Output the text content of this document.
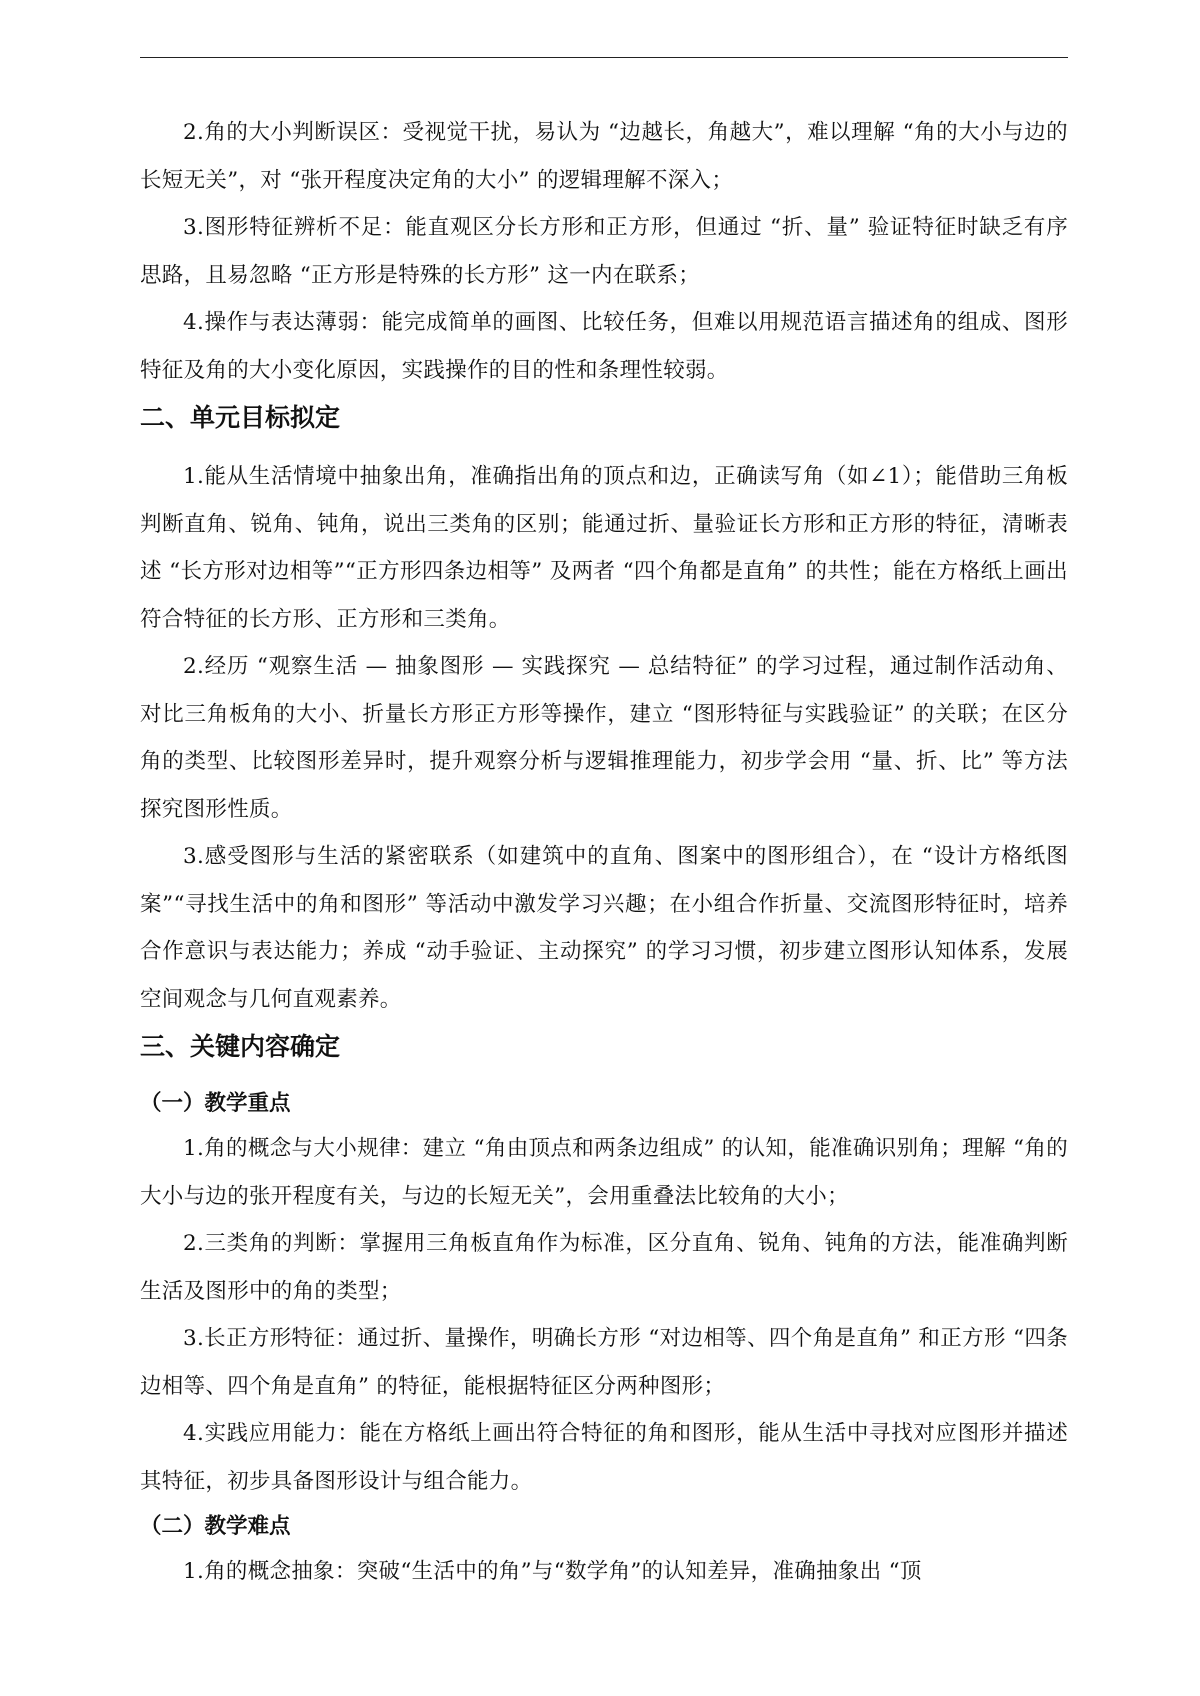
2.角的大小判断误区：受视觉干扰，易认为 “边越长，角越大”，难以理解 “角的大小与边的长短无关”，对 “张开程度决定角的大小” 的逻辑理解不深入；

3.图形特征辨析不足：能直观区分长方形和正方形，但通过 “折、量” 验证特征时缺乏有序思路，且易忽略 “正方形是特殊的长方形” 这一内在联系；

4.操作与表达薄弱：能完成简单的画图、比较任务，但难以用规范语言描述角的组成、图形特征及角的大小变化原因，实践操作的目的性和条理性较弱。

二、单元目标拟定

1.能从生活情境中抽象出角，准确指出角的顶点和边，正确读写角（如∠1）；能借助三角板判断直角、锐角、钝角，说出三类角的区别；能通过折、量验证长方形和正方形的特征，清晰表述 “长方形对边相等”“正方形四条边相等” 及两者 “四个角都是直角” 的共性；能在方格纸上画出符合特征的长方形、正方形和三类角。

2.经历 “观察生活 — 抽象图形 — 实践探究 — 总结特征” 的学习过程，通过制作活动角、对比三角板角的大小、折量长方形正方形等操作，建立 “图形特征与实践验证” 的关联；在区分角的类型、比较图形差异时，提升观察分析与逻辑推理能力，初步学会用 “量、折、比” 等方法探究图形性质。

3.感受图形与生活的紧密联系（如建筑中的直角、图案中的图形组合），在 “设计方格纸图案”“寻找生活中的角和图形” 等活动中激发学习兴趣；在小组合作折量、交流图形特征时，培养合作意识与表达能力；养成 “动手验证、主动探究” 的学习习惯，初步建立图形认知体系，发展空间观念与几何直观素养。

三、关键内容确定
（一）教学重点

1.角的概念与大小规律：建立 “角由顶点和两条边组成” 的认知，能准确识别角；理解 “角的大小与边的张开程度有关，与边的长短无关”，会用重叠法比较角的大小；

2.三类角的判断：掌握用三角板直角作为标准，区分直角、锐角、钝角的方法，能准确判断生活及图形中的角的类型；

3.长正方形特征：通过折、量操作，明确长方形 “对边相等、四个角是直角” 和正方形 “四条边相等、四个角是直角” 的特征，能根据特征区分两种图形；

4.实践应用能力：能在方格纸上画出符合特征的角和图形，能从生活中寻找对应图形并描述其特征，初步具备图形设计与组合能力。

（二）教学难点

1.角的概念抽象：突破“生活中的角”与“数学角”的认知差异，准确抽象出 “顶
